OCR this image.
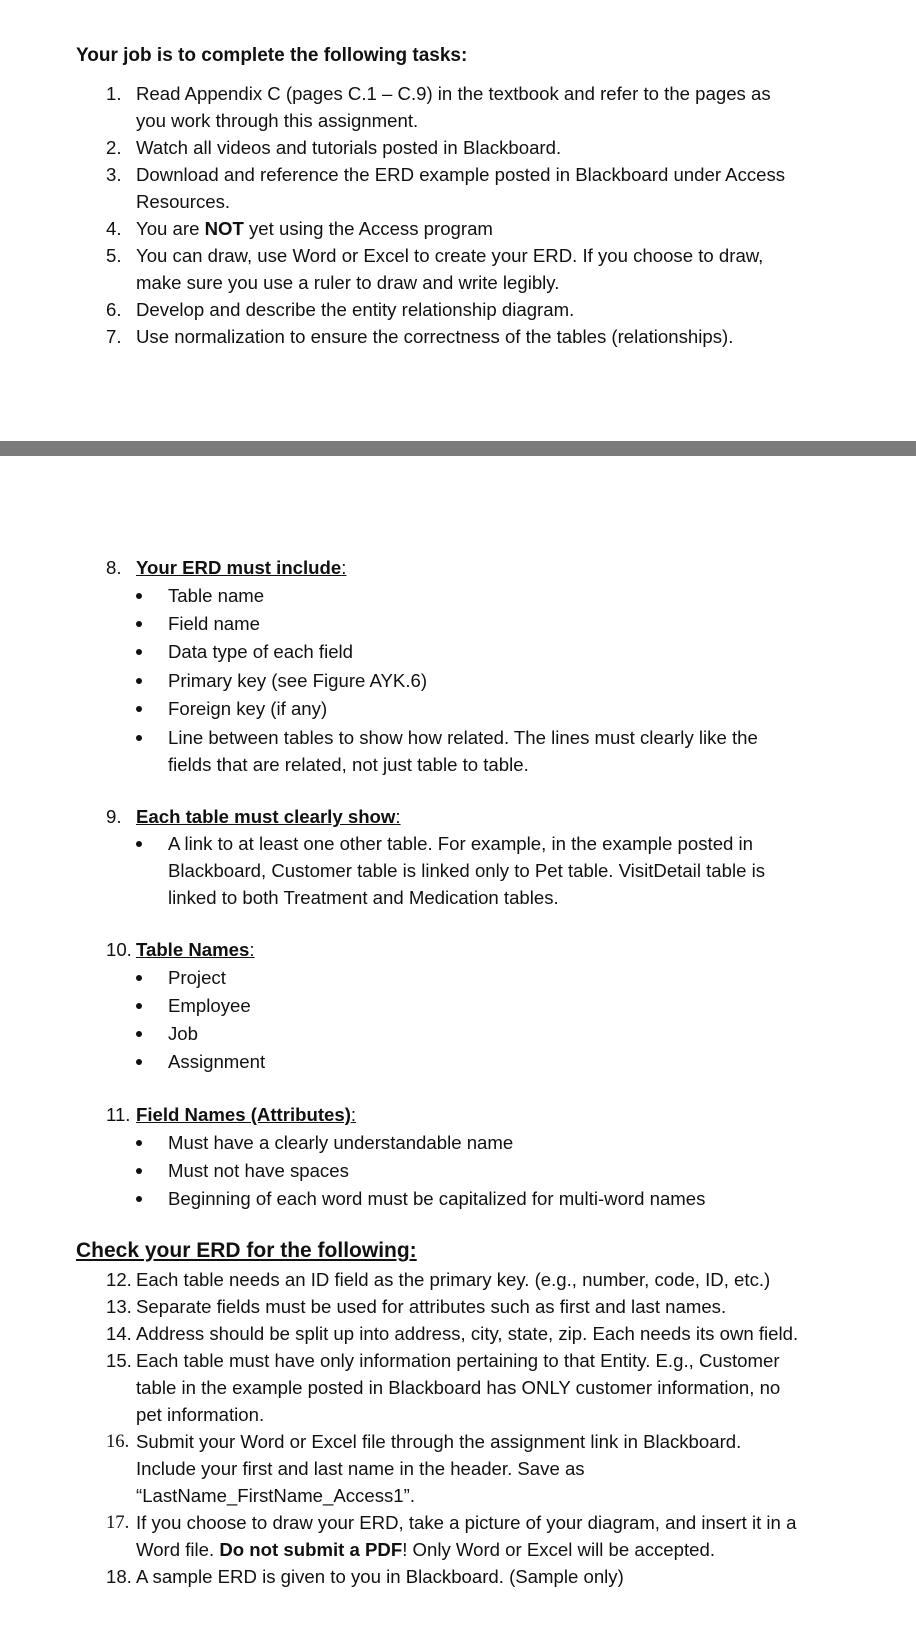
Your job is to complete the following tasks:
1. Read Appendix C (pages C.1 – C.9) in the textbook and refer to the pages as
you work through this assignment.
2. Watch all videos and tutorials posted in Blackboard.
3. Download and reference the ERD example posted in Blackboard under Access
Resources.
4. You are NOT yet using the Access program
5. You can draw, use Word or Excel to create your ERD. If you choose to draw,
make sure you use a ruler to draw and write legibly.
6. Develop and describe the entity relationship diagram.
7. Use normalization to ensure the correctness of the tables (relationships).
8. Your ERD must include:
Table name
Field name
Data type of each field
Primary key (see Figure AYK.6)
Foreign key (if any)
Line between tables to show how related. The lines must clearly like the
fields that are related, not just table to table.
9. Each table must clearly show:
A link to at least one other table. For example, in the example posted in
Blackboard, Customer table is linked only to Pet table. VisitDetail table is
linked to both Treatment and Medication tables.
10. Table Names:
Project
Employee
Job
Assignment
11. Field Names (Attributes):
Must have a clearly understandable name
Must not have spaces
Beginning of each word must be capitalized for multi-word names
Check your ERD for the following:
12. Each table needs an ID field as the primary key. (e.g., number, code, ID, etc.)
13. Separate fields must be used for attributes such as first and last names.
14. Address should be split up into address, city, state, zip. Each needs its own field.
15. Each table must have only information pertaining to that Entity. E.g., Customer
table in the example posted in Blackboard has ONLY customer information, no
pet information.
16. Submit your Word or Excel file through the assignment link in Blackboard.
Include your first and last name in the header. Save as
“LastName_FirstName_Access1”.
17. If you choose to draw your ERD, take a picture of your diagram, and insert it in a
Word file. Do not submit a PDF! Only Word or Excel will be accepted.
18. A sample ERD is given to you in Blackboard. (Sample only)
